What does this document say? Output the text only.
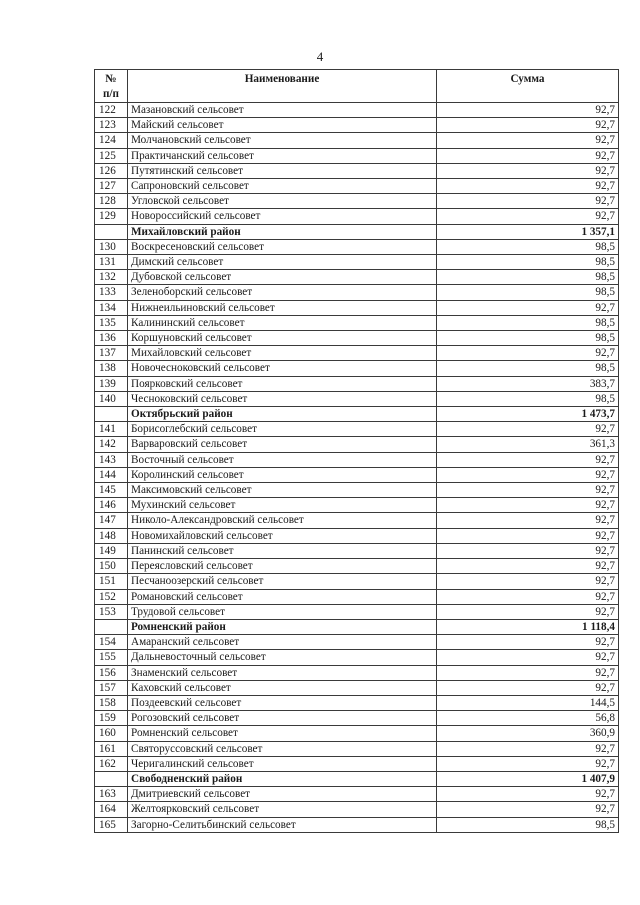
4
№
п/п	Наименование	Сумма
122	Мазановский сельсовет	92,7
123	Майский сельсовет	92,7
124	Молчановский сельсовет	92,7
125	Практичанский сельсовет	92,7
126	Путятинский сельсовет	92,7
127	Сапроновский сельсовет	92,7
128	Угловской сельсовет	92,7
129	Новороссийский сельсовет	92,7
	Михайловский район	1 357,1
130	Воскресеновский сельсовет	98,5
131	Димский сельсовет	98,5
132	Дубовской сельсовет	98,5
133	Зеленоборский сельсовет	98,5
134	Нижнеильиновский сельсовет	92,7
135	Калининский сельсовет	98,5
136	Коршуновский сельсовет	98,5
137	Михайловский сельсовет	92,7
138	Новочесноковский сельсовет	98,5
139	Поярковский сельсовет	383,7
140	Чесноковский сельсовет	98,5
	Октябрьский район	1 473,7
141	Борисоглебский сельсовет	92,7
142	Варваровский сельсовет	361,3
143	Восточный сельсовет	92,7
144	Королинский сельсовет	92,7
145	Максимовский сельсовет	92,7
146	Мухинский сельсовет	92,7
147	Николо-Александровский сельсовет	92,7
148	Новомихайловский сельсовет	92,7
149	Панинский сельсовет	92,7
150	Переясловский сельсовет	92,7
151	Песчаноозерский сельсовет	92,7
152	Романовский сельсовет	92,7
153	Трудовой сельсовет	92,7
	Ромненский район	1 118,4
154	Амаранский сельсовет	92,7
155	Дальневосточный сельсовет	92,7
156	Знаменский сельсовет	92,7
157	Каховский сельсовет	92,7
158	Поздеевский сельсовет	144,5
159	Рогозовский сельсовет	56,8
160	Ромненский сельсовет	360,9
161	Святоруссовский сельсовет	92,7
162	Черигалинский сельсовет	92,7
	Свободненский район	1 407,9
163	Дмитриевский сельсовет	92,7
164	Желтоярковский сельсовет	92,7
165	Загорно-Селитьбинский сельсовет	98,5
